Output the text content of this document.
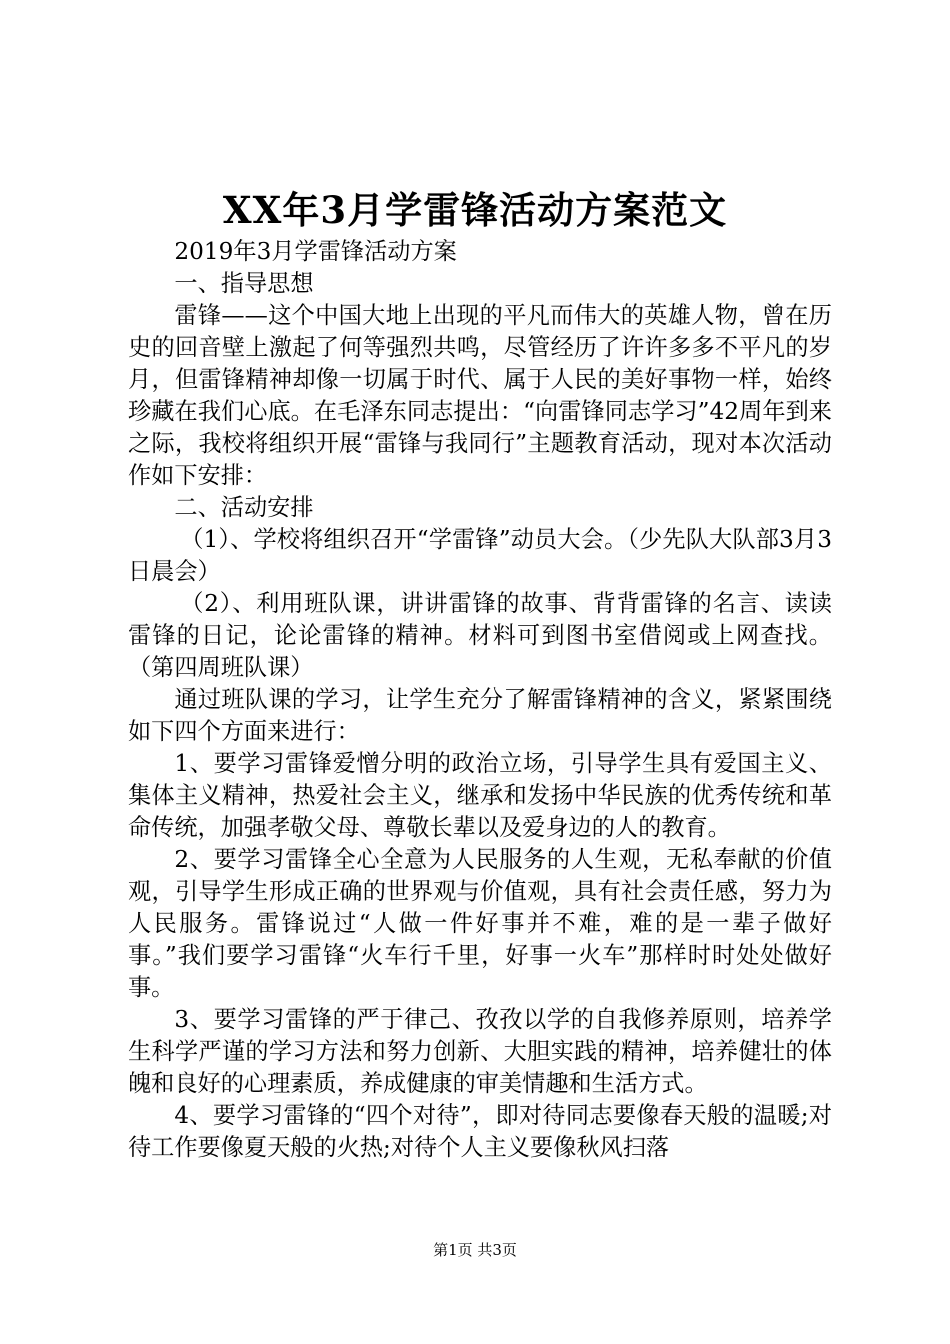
XX年3月学雷锋活动方案范文

2019年3月学雷锋活动方案

一、指导思想

雷锋——这个中国大地上出现的平凡而伟大的英雄人物，曾在历史的回音壁上激起了何等强烈共鸣，尽管经历了许许多多不平凡的岁月，但雷锋精神却像一切属于时代、属于人民的美好事物一样，始终珍藏在我们心底。在毛泽东同志提出：“向雷锋同志学习”42周年到来之际，我校将组织开展“雷锋与我同行”主题教育活动，现对本次活动作如下安排：

二、活动安排

（1）、学校将组织召开“学雷锋”动员大会。（少先队大队部3月3日晨会）

（2）、利用班队课，讲讲雷锋的故事、背背雷锋的名言、读读雷锋的日记，论论雷锋的精神。材料可到图书室借阅或上网查找。（第四周班队课）

通过班队课的学习，让学生充分了解雷锋精神的含义，紧紧围绕如下四个方面来进行：

1、要学习雷锋爱憎分明的政治立场，引导学生具有爱国主义、集体主义精神，热爱社会主义，继承和发扬中华民族的优秀传统和革命传统，加强孝敬父母、尊敬长辈以及爱身边的人的教育。

2、要学习雷锋全心全意为人民服务的人生观，无私奉献的价值观，引导学生形成正确的世界观与价值观，具有社会责任感，努力为人民服务。雷锋说过“人做一件好事并不难，难的是一辈子做好事。”我们要学习雷锋“火车行千里，好事一火车”那样时时处处做好事。

3、要学习雷锋的严于律己、孜孜以学的自我修养原则，培养学生科学严谨的学习方法和努力创新、大胆实践的精神，培养健壮的体魄和良好的心理素质，养成健康的审美情趣和生活方式。

4、要学习雷锋的“四个对待”，即对待同志要像春天般的温暖;对待工作要像夏天般的火热;对待个人主义要像秋风扫落

第1页 共3页
